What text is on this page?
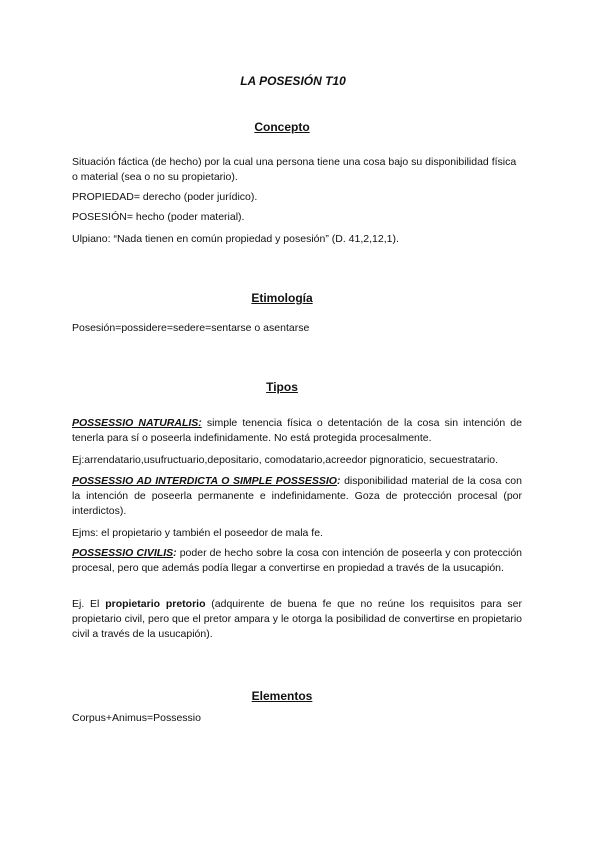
LA POSESIÓN T10
Concepto

Situación fáctica (de hecho) por la cual una persona tiene una cosa bajo su disponibilidad física o material (sea o no su propietario).

PROPIEDAD= derecho (poder jurídico).

POSESIÓN= hecho (poder material).

Ulpiano: “Nada tienen en común propiedad y posesión” (D. 41,2,12,1).

Etimología

Posesión=possidere=sedere=sentarse o asentarse

Tipos

POSSESSIO NATURALIS: simple tenencia física o detentación de la cosa sin intención de tenerla para sí o poseerla indefinidamente. No está protegida procesalmente.

Ej:arrendatario,usufructuario,depositario, comodatario,acreedor pignoraticio, secuestratario.

POSSESSIO AD INTERDICTA O SIMPLE POSSESSIO: disponibilidad material de la cosa con la intención de poseerla permanente e indefinidamente. Goza de protección procesal (por interdictos).

Ejms: el propietario y también el poseedor de mala fe.

POSSESSIO CIVILIS: poder de hecho sobre la cosa con intención de poseerla y con protección procesal, pero que además podía llegar a convertirse en propiedad a través de la usucapión.

Ej. El propietario pretorio (adquirente de buena fe que no reúne los requisitos para ser propietario civil, pero que el pretor ampara y le otorga la posibilidad de convertirse en propietario civil a través de la usucapión).

Elementos

Corpus+Animus=Possessio
